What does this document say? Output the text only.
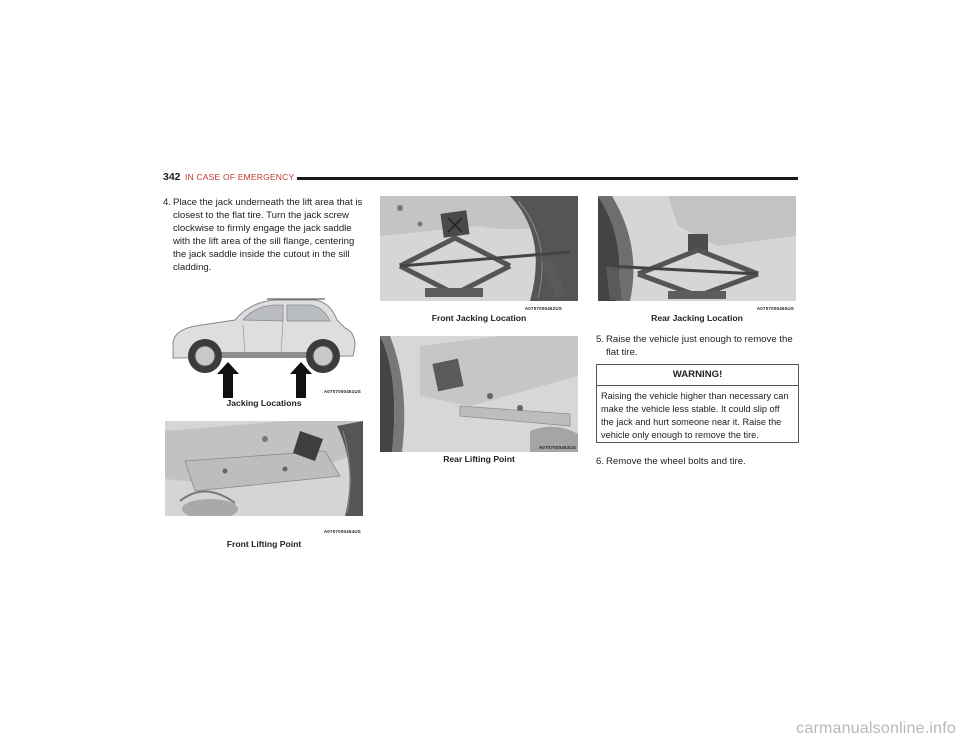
342 IN CASE OF EMERGENCY
4. Place the jack underneath the lift area that is closest to the flat tire. Turn the jack screw clockwise to firmly engage the jack saddle with the lift area of the sill flange, centering the jack saddle inside the cutout in the sill cladding.
A0707000451US
Jacking Locations
A0707000454US
Front Lifting Point
A0707000452US
Front Jacking Location
A0707000453US
Rear Lifting Point
A0707000455US
Rear Jacking Location
5. Raise the vehicle just enough to remove the flat tire.
WARNING!
Raising the vehicle higher than necessary can make the vehicle less stable. It could slip off the jack and hurt someone near it. Raise the vehicle only enough to remove the tire.
6. Remove the wheel bolts and tire.
carmanualsonline.info
